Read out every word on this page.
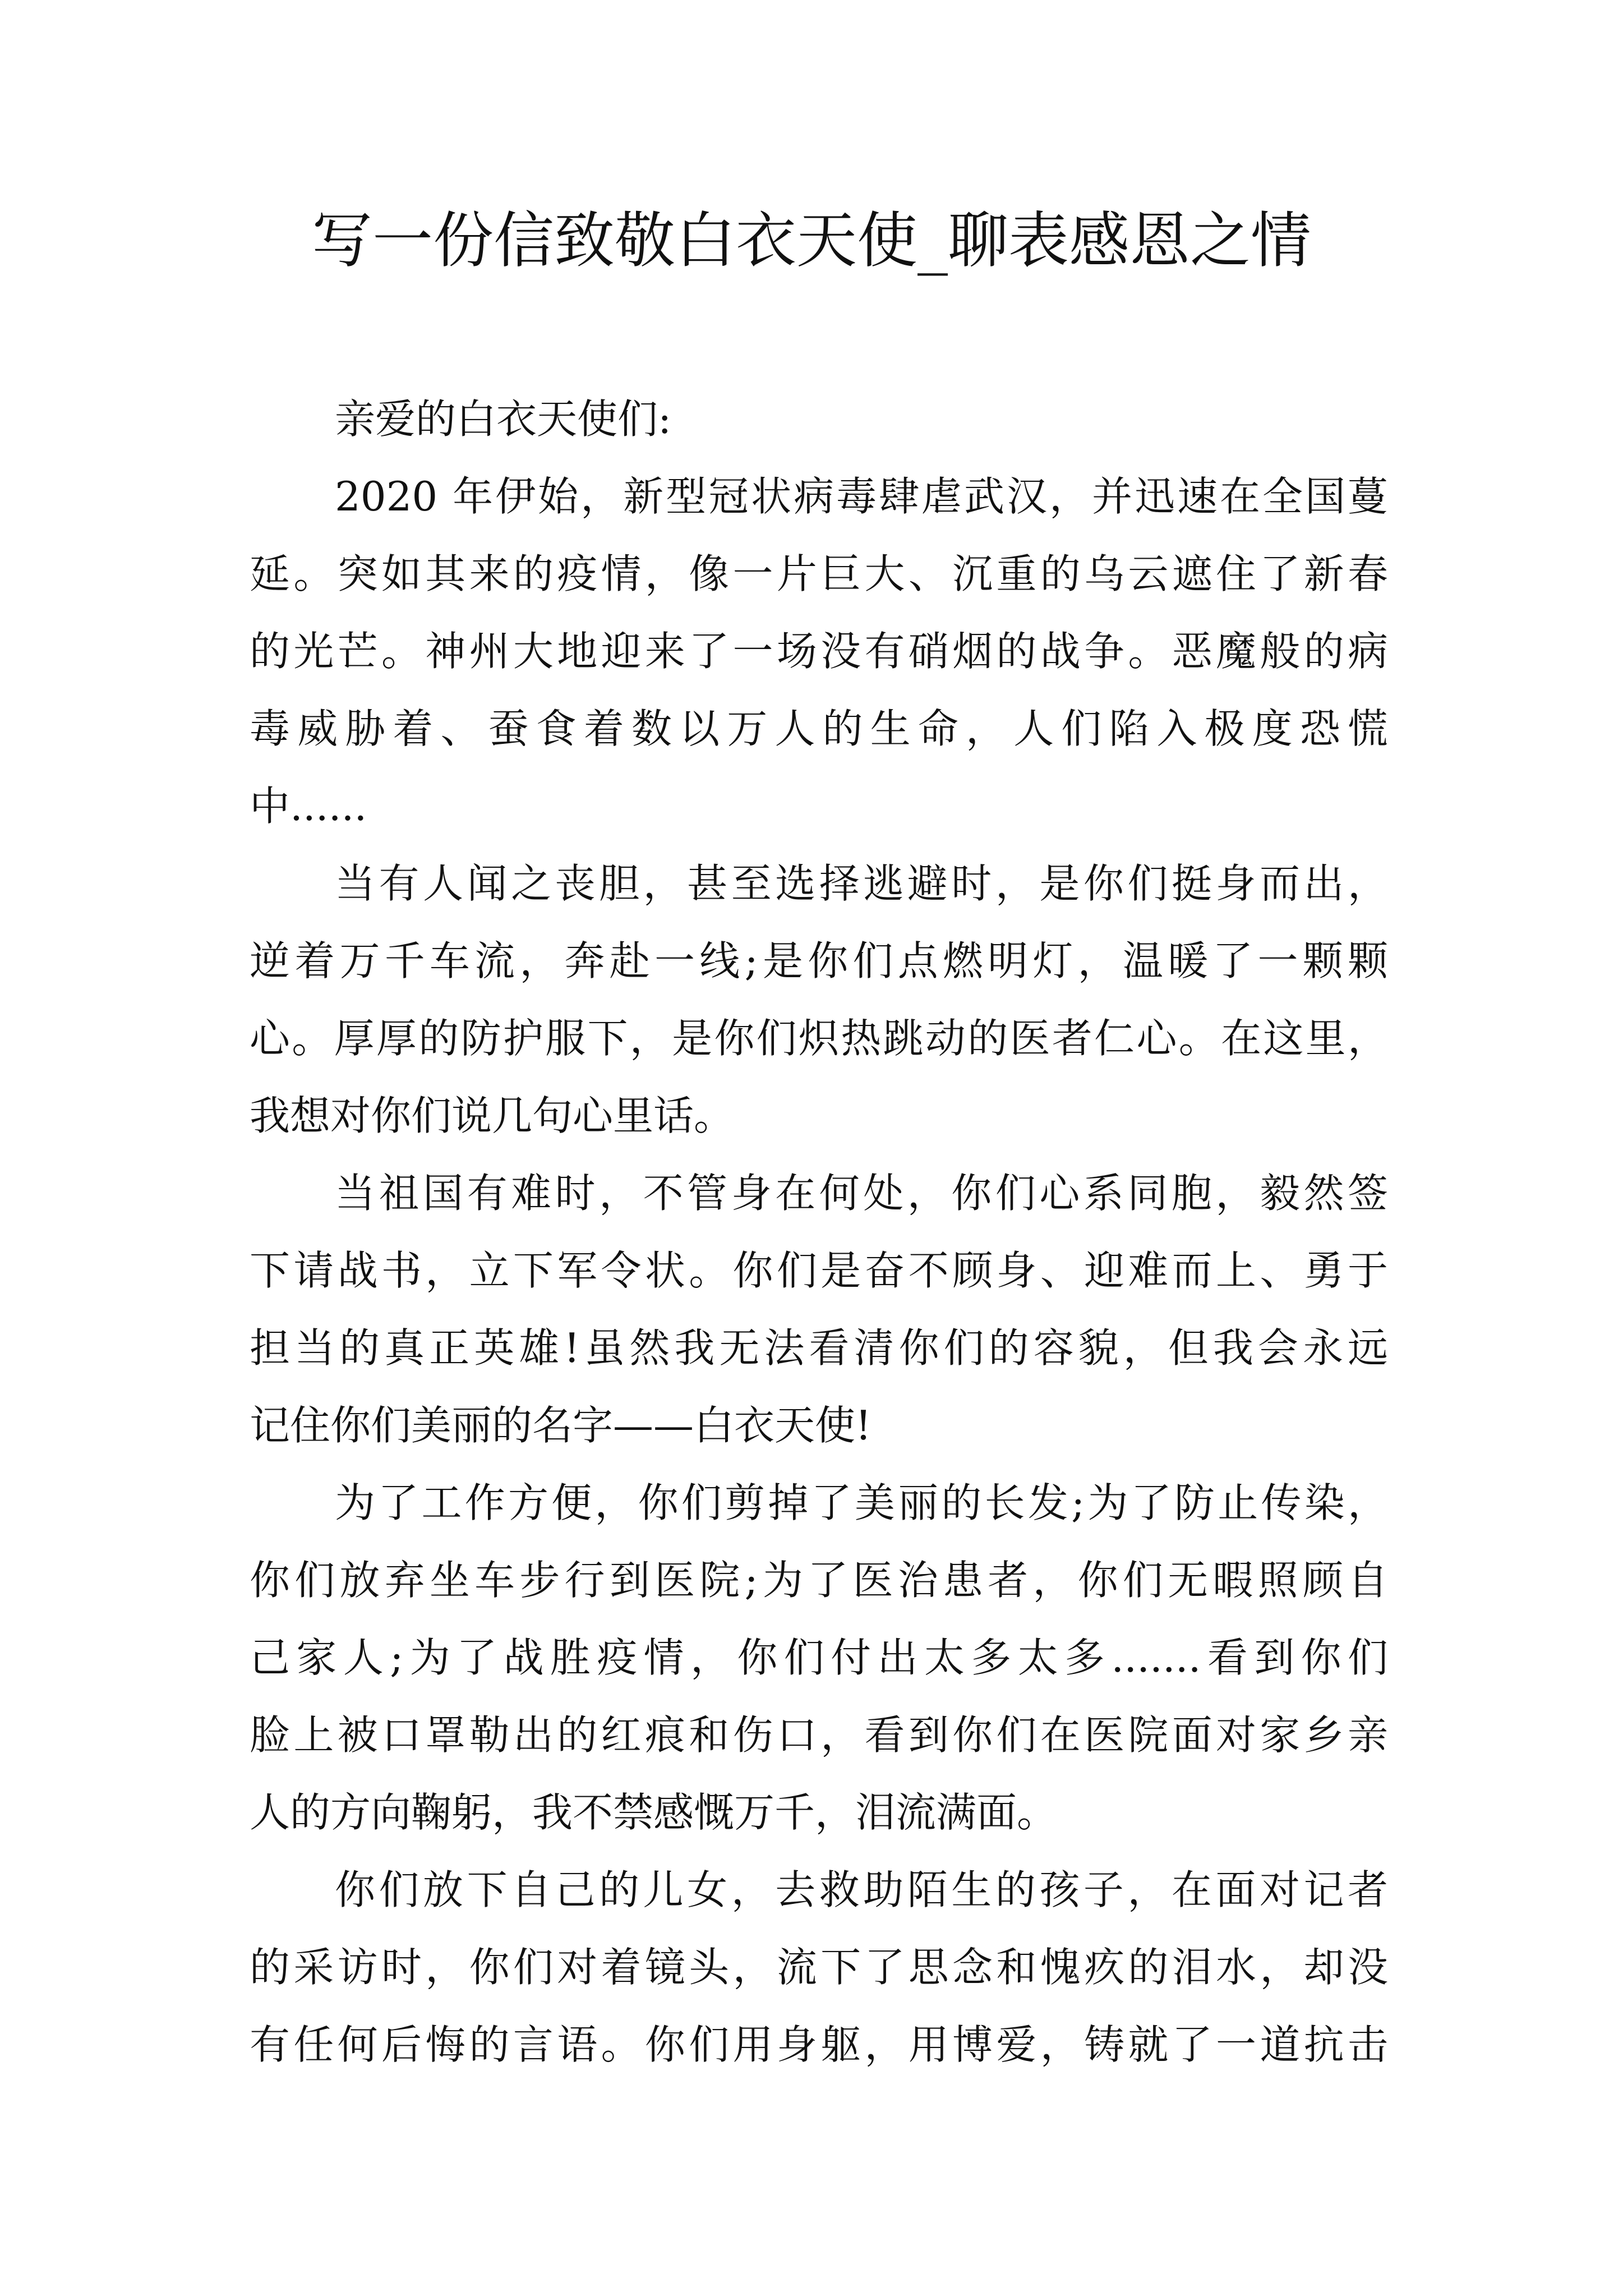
写一份信致敬白衣天使_聊表感恩之情
亲爱的白衣天使们:
2020 年伊始，新型冠状病毒肆虐武汉，并迅速在全国蔓
延。突如其来的疫情，像一片巨大、沉重的乌云遮住了新春
的光芒。神州大地迎来了一场没有硝烟的战争。恶魔般的病
毒威胁着、蚕食着数以万人的生命，人们陷入极度恐慌
中......
当有人闻之丧胆，甚至选择逃避时，是你们挺身而出，
逆着万千车流，奔赴一线;是你们点燃明灯，温暖了一颗颗
心。厚厚的防护服下，是你们炽热跳动的医者仁心。在这里，
我想对你们说几句心里话。
当祖国有难时，不管身在何处，你们心系同胞，毅然签
下请战书，立下军令状。你们是奋不顾身、迎难而上、勇于
担当的真正英雄!虽然我无法看清你们的容貌，但我会永远
记住你们美丽的名字——白衣天使!
为了工作方便，你们剪掉了美丽的长发;为了防止传染，
你们放弃坐车步行到医院;为了医治患者，你们无暇照顾自
己家人;为了战胜疫情，你们付出太多太多.......看到你们
脸上被口罩勒出的红痕和伤口，看到你们在医院面对家乡亲
人的方向鞠躬，我不禁感慨万千，泪流满面。
你们放下自己的儿女，去救助陌生的孩子，在面对记者
的采访时，你们对着镜头，流下了思念和愧疚的泪水，却没
有任何后悔的言语。你们用身躯，用博爱，铸就了一道抗击
